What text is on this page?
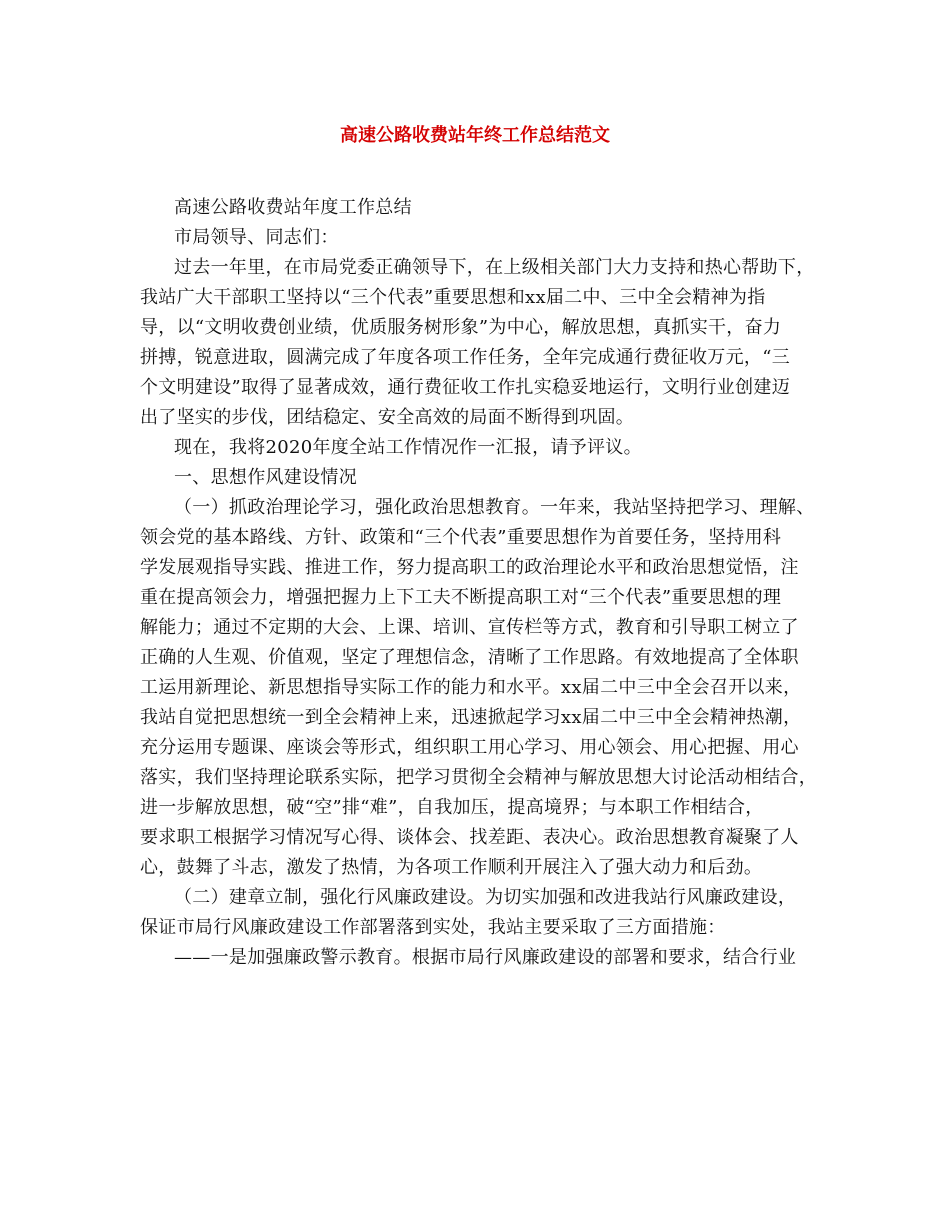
高速公路收费站年终工作总结范文
高速公路收费站年度工作总结
市局领导、同志们：
过去一年里，在市局党委正确领导下，在上级相关部门大力支持和热心帮助下，
我站广大干部职工坚持以“三个代表”重要思想和xx届二中、三中全会精神为指
导，以“文明收费创业绩，优质服务树形象”为中心，解放思想，真抓实干，奋力
拼搏，锐意进取，圆满完成了年度各项工作任务，全年完成通行费征收万元，“三
个文明建设”取得了显著成效，通行费征收工作扎实稳妥地运行，文明行业创建迈
出了坚实的步伐，团结稳定、安全高效的局面不断得到巩固。
现在，我将2020年度全站工作情况作一汇报，请予评议。
一、思想作风建设情况
（一）抓政治理论学习，强化政治思想教育。一年来，我站坚持把学习、理解、
领会党的基本路线、方针、政策和“三个代表”重要思想作为首要任务，坚持用科
学发展观指导实践、推进工作，努力提高职工的政治理论水平和政治思想觉悟，注
重在提高领会力，增强把握力上下工夫不断提高职工对“三个代表”重要思想的理
解能力；通过不定期的大会、上课、培训、宣传栏等方式，教育和引导职工树立了
正确的人生观、价值观，坚定了理想信念，清晰了工作思路。有效地提高了全体职
工运用新理论、新思想指导实际工作的能力和水平。xx届二中三中全会召开以来，
我站自觉把思想统一到全会精神上来，迅速掀起学习xx届二中三中全会精神热潮，
充分运用专题课、座谈会等形式，组织职工用心学习、用心领会、用心把握、用心
落实，我们坚持理论联系实际，把学习贯彻全会精神与解放思想大讨论活动相结合，
进一步解放思想，破“空”排“难”，自我加压，提高境界；与本职工作相结合，
要求职工根据学习情况写心得、谈体会、找差距、表决心。政治思想教育凝聚了人
心，鼓舞了斗志，激发了热情，为各项工作顺利开展注入了强大动力和后劲。
（二）建章立制，强化行风廉政建设。为切实加强和改进我站行风廉政建设，
保证市局行风廉政建设工作部署落到实处，我站主要采取了三方面措施：
——一是加强廉政警示教育。根据市局行风廉政建设的部署和要求，结合行业
